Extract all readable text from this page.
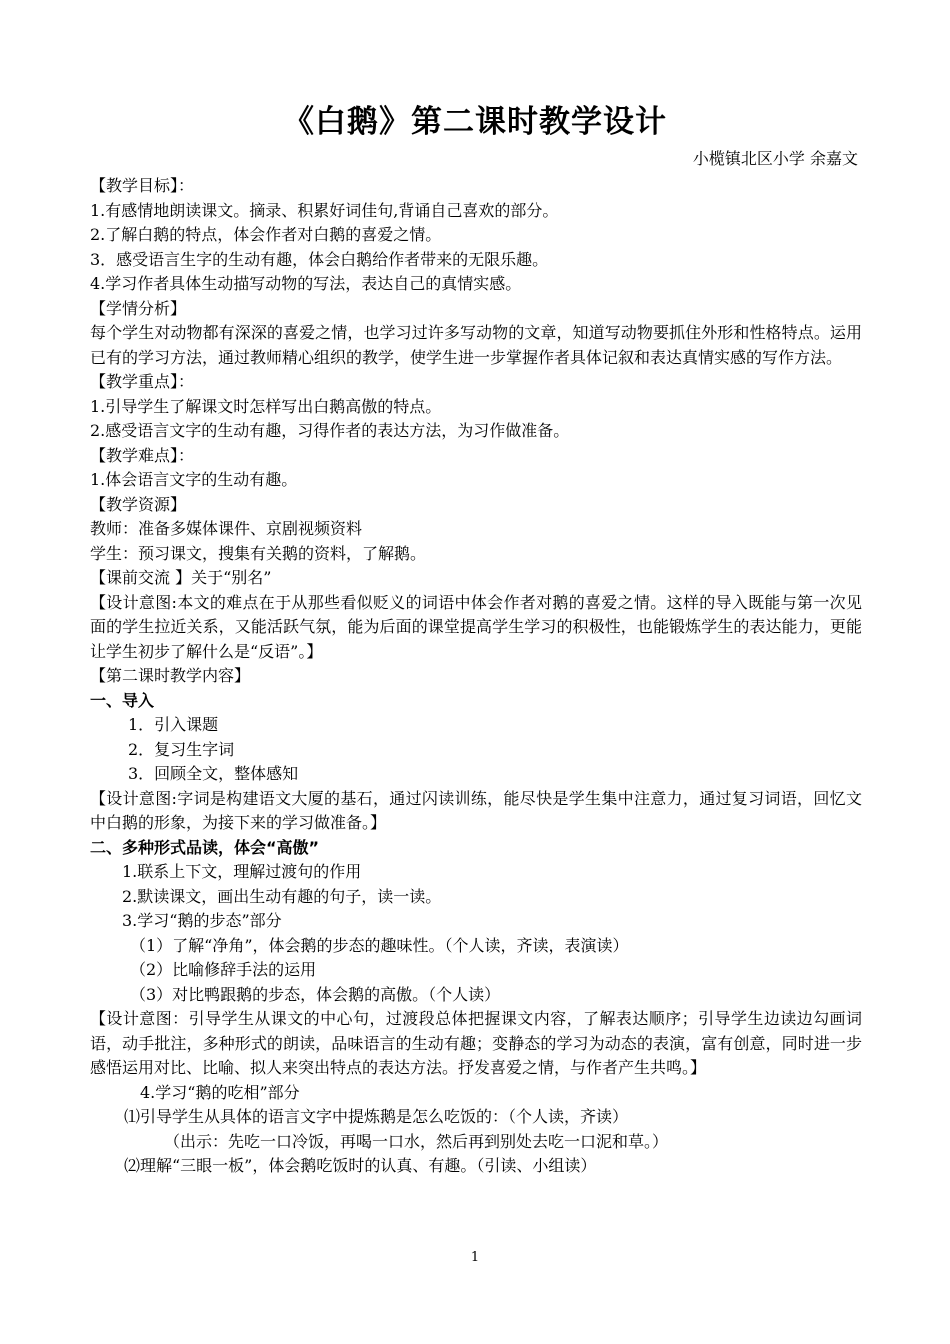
《白鹅》第二课时教学设计
小榄镇北区小学 余嘉文

【教学目标】：

1.有感情地朗读课文。摘录、积累好词佳句,背诵自己喜欢的部分。

2.了解白鹅的特点，体会作者对白鹅的喜爱之情。

3．感受语言生字的生动有趣，体会白鹅给作者带来的无限乐趣。

4.学习作者具体生动描写动物的写法，表达自己的真情实感。

【学情分析】

每个学生对动物都有深深的喜爱之情，也学习过许多写动物的文章，知道写动物要抓住外形和性格特点。运用已有的学习方法，通过教师精心组织的教学，使学生进一步掌握作者具体记叙和表达真情实感的写作方法。

【教学重点】：

1.引导学生了解课文时怎样写出白鹅高傲的特点。

2.感受语言文字的生动有趣，习得作者的表达方法，为习作做准备。

【教学难点】：

1.体会语言文字的生动有趣。

【教学资源】

教师：准备多媒体课件、京剧视频资料

学生：预习课文，搜集有关鹅的资料，了解鹅。

【课前交流 】关于“别名”

【设计意图:本文的难点在于从那些看似贬义的词语中体会作者对鹅的喜爱之情。这样的导入既能与第一次见面的学生拉近关系，又能活跃气氛，能为后面的课堂提高学生学习的积极性，也能锻炼学生的表达能力，更能让学生初步了解什么是“反语”。】

【第二课时教学内容】

一、导入

1．引入课题

2．复习生字词

3．回顾全文，整体感知

【设计意图:字词是构建语文大厦的基石，通过闪读训练，能尽快是学生集中注意力，通过复习词语，回忆文中白鹅的形象，为接下来的学习做准备。】

二、多种形式品读，体会“高傲”

1.联系上下文，理解过渡句的作用

2.默读课文，画出生动有趣的句子，读一读。

3.学习“鹅的步态”部分

（1）了解“净角”，体会鹅的步态的趣味性。（个人读，齐读，表演读）

（2）比喻修辞手法的运用

（3）对比鸭跟鹅的步态，体会鹅的高傲。（个人读）

【设计意图：引导学生从课文的中心句，过渡段总体把握课文内容，了解表达顺序；引导学生边读边勾画词语，动手批注，多种形式的朗读，品味语言的生动有趣；变静态的学习为动态的表演，富有创意，同时进一步感悟运用对比、比喻、拟人来突出特点的表达方法。抒发喜爱之情，与作者产生共鸣。】

4.学习“鹅的吃相”部分

⑴引导学生从具体的语言文字中提炼鹅是怎么吃饭的：（个人读，齐读）

（出示：先吃一口冷饭，再喝一口水，然后再到别处去吃一口泥和草。）

⑵理解“三眼一板”，体会鹅吃饭时的认真、有趣。（引读、小组读）

1
